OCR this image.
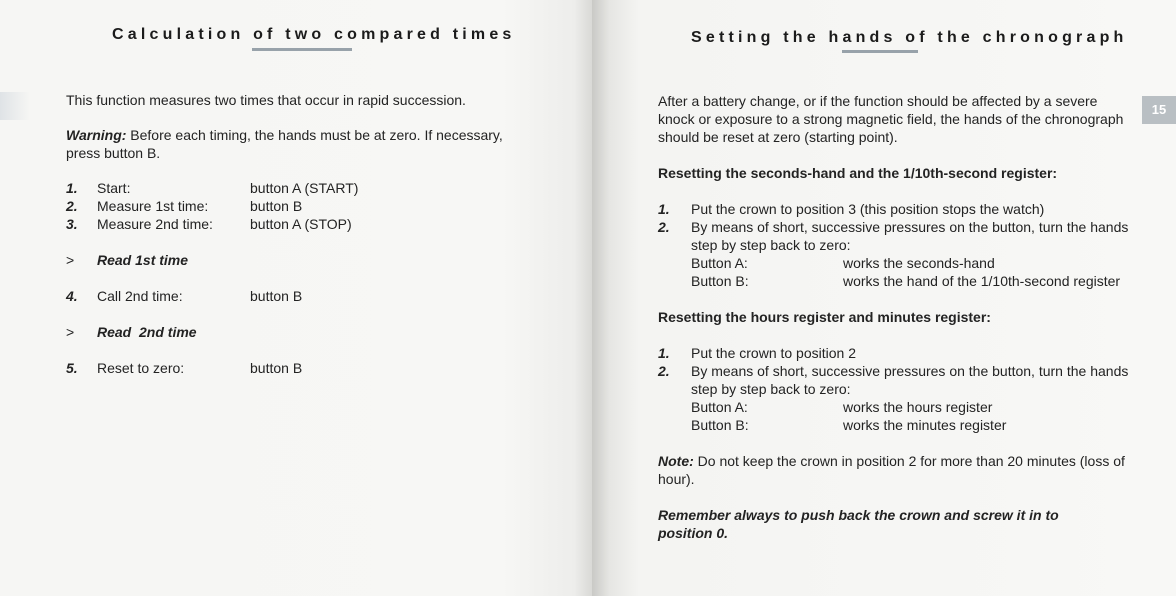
Calculation of two compared times
This function measures two times that occur in rapid succession.
Warning: Before each timing, the hands must be at zero. If necessary,
press button B.
1. Start:	button A (START)
2. Measure 1st time:	button B
3. Measure 2nd time:	button A (STOP)
> Read 1st time
4. Call 2nd time:	button B
> Read  2nd time
5. Reset to zero:	button B
Setting the hands of the chronograph
15
After a battery change, or if the function should be affected by a severe
knock or exposure to a strong magnetic field, the hands of the chronograph
should be reset at zero (starting point).
Resetting the seconds-hand and the 1/10th-second register:
1. Put the crown to position 3 (this position stops the watch)
2. By means of short, successive pressures on the button, turn the hands
step by step back to zero:
Button A:	works the seconds-hand
Button B:	works the hand of the 1/10th-second register
Resetting the hours register and minutes register:
1. Put the crown to position 2
2. By means of short, successive pressures on the button, turn the hands
step by step back to zero:
Button A:	works the hours register
Button B:	works the minutes register
Note: Do not keep the crown in position 2 for more than 20 minutes (loss of
hour).
Remember always to push back the crown and screw it in to
position 0.
